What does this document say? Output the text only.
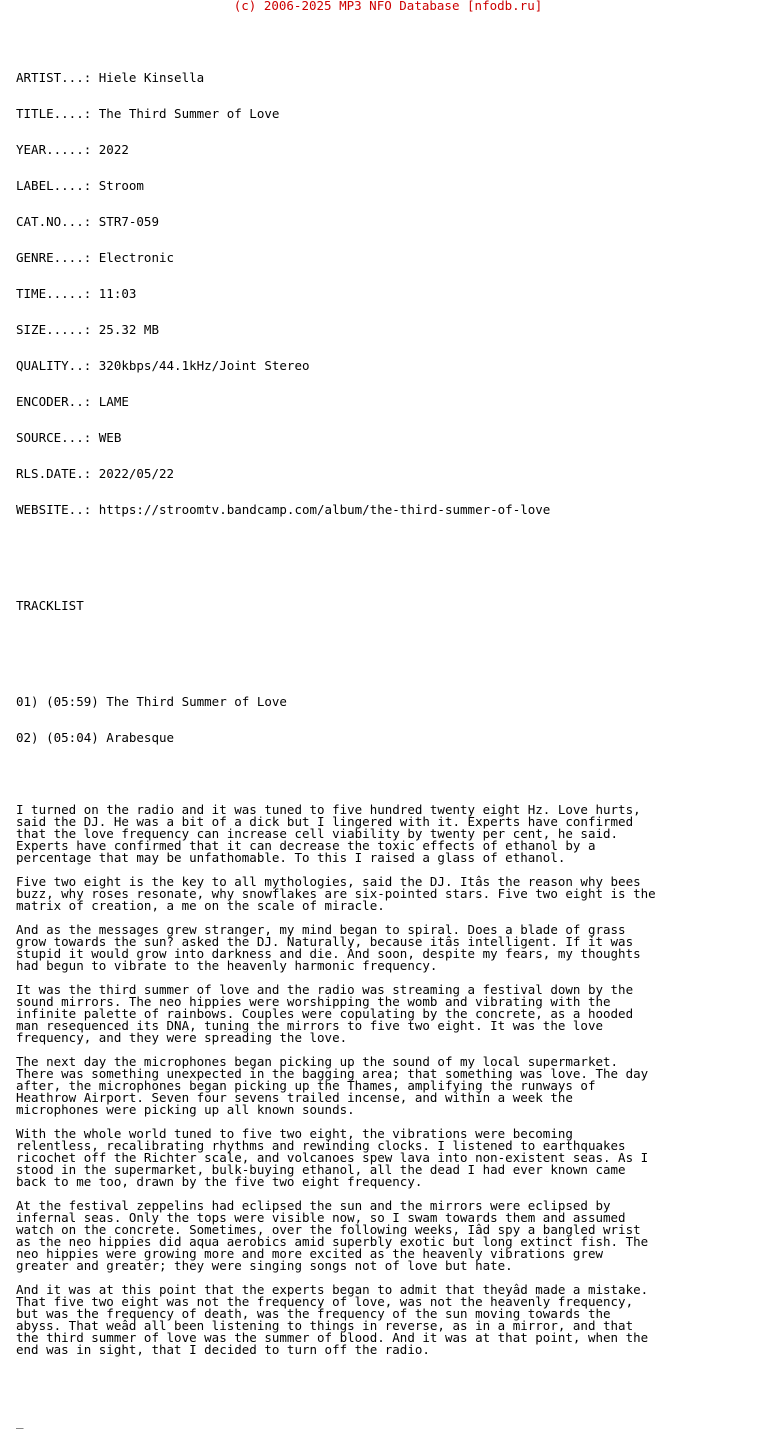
(c) 2006-2025 MP3 NFO Database [nfodb.ru]

ARTIST...: Hiele Kinsella

TITLE....: The Third Summer of Love

YEAR.....: 2022

LABEL....: Stroom

CAT.NO...: STR7-059

GENRE....: Electronic

TIME.....: 11:03

SIZE.....: 25.32 MB

QUALITY..: 320kbps/44.1kHz/Joint Stereo

ENCODER..: LAME

SOURCE...: WEB

RLS.DATE.: 2022/05/22

WEBSITE..: https://stroomtv.bandcamp.com/album/the-third-summer-of-love

TRACKLIST

01) (05:59) The Third Summer of Love

02) (05:04) Arabesque

I turned on the radio and it was tuned to five hundred twenty eight Hz. Love hurts,
said the DJ. He was a bit of a dick but I lingered with it. Experts have confirmed
that the love frequency can increase cell viability by twenty per cent, he said.
Experts have confirmed that it can decrease the toxic effects of ethanol by a
percentage that may be unfathomable. To this I raised a glass of ethanol.
Five two eight is the key to all mythologies, said the DJ. Itâs the reason why bees
buzz, why roses resonate, why snowflakes are six-pointed stars. Five two eight is the
matrix of creation, a me on the scale of miracle.
And as the messages grew stranger, my mind began to spiral. Does a blade of grass
grow towards the sun? asked the DJ. Naturally, because itâs intelligent. If it was
stupid it would grow into darkness and die. And soon, despite my fears, my thoughts
had begun to vibrate to the heavenly harmonic frequency.
It was the third summer of love and the radio was streaming a festival down by the
sound mirrors. The neo hippies were worshipping the womb and vibrating with the
infinite palette of rainbows. Couples were copulating by the concrete, as a hooded
man resequenced its DNA, tuning the mirrors to five two eight. It was the love
frequency, and they were spreading the love.
The next day the microphones began picking up the sound of my local supermarket.
There was something unexpected in the bagging area; that something was love. The day
after, the microphones began picking up the Thames, amplifying the runways of
Heathrow Airport. Seven four sevens trailed incense, and within a week the
microphones were picking up all known sounds.
With the whole world tuned to five two eight, the vibrations were becoming
relentless, recalibrating rhythms and rewinding clocks. I listened to earthquakes
ricochet off the Richter scale, and volcanoes spew lava into non-existent seas. As I
stood in the supermarket, bulk-buying ethanol, all the dead I had ever known came
back to me too, drawn by the five two eight frequency.
At the festival zeppelins had eclipsed the sun and the mirrors were eclipsed by
infernal seas. Only the tops were visible now, so I swam towards them and assumed
watch on the concrete. Sometimes, over the following weeks, Iâd spy a bangled wrist
as the neo hippies did aqua aerobics amid superbly exotic but long extinct fish. The
neo hippies were growing more and more excited as the heavenly vibrations grew
greater and greater; they were singing songs not of love but hate.
And it was at this point that the experts began to admit that theyâd made a mistake.
That five two eight was not the frequency of love, was not the heavenly frequency,
but was the frequency of death, was the frequency of the sun moving towards the
abyss. That weâd all been listening to things in reverse, as in a mirror, and that
the third summer of love was the summer of blood. And it was at that point, when the
end was in sight, that I decided to turn off the radio.

_
